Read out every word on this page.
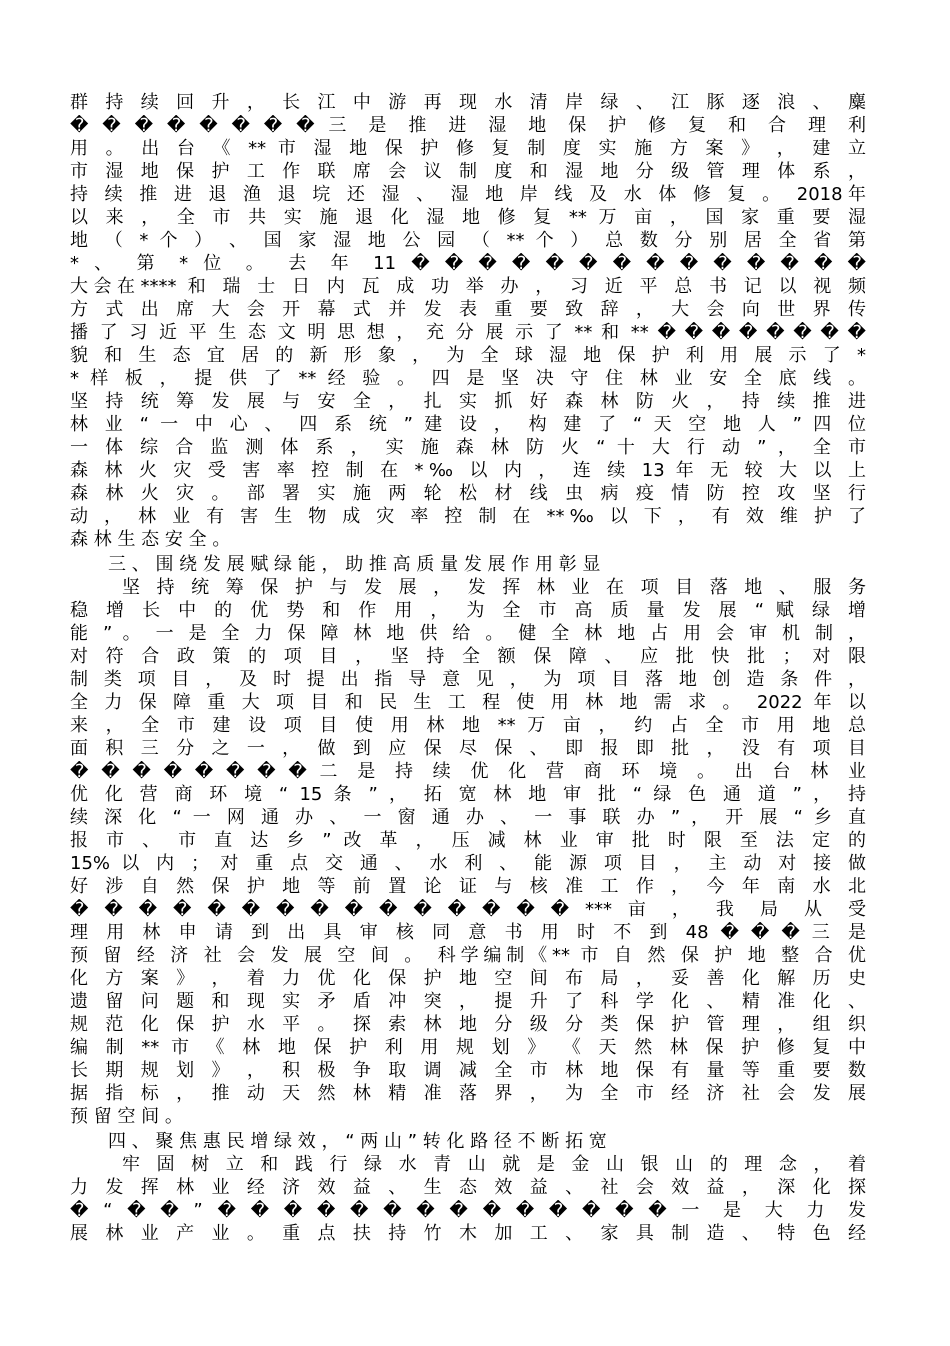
群 持 续 回 升 ， 长 江 中 游 再 现 水 清 岸 绿 、 江 豚 逐 浪 、 麋
� � � � � � � � 三 是 推 进 湿 地 保 护 修 复 和 合 理 利
用 。 出 台 《 ** 市 湿 地 保 护 修 复 制 度 实 施 方 案 》 ， 建 立
市 湿 地 保 护 工 作 联 席 会 议 制 度 和 湿 地 分 级 管 理 体 系 ，
持 续 推 进 退 渔 退 垸 还 湿 、 湿 地 岸 线 及 水 体 修 复 。 2018年
以 来 ， 全 市 共 实 施 退 化 湿 地 修 复 ** 万 亩 ， 国 家 重 要 湿
地 （ * 个 ） 、 国 家 湿 地 公 园 （ ** 个 ） 总 数 分 别 居 全 省 第
* 、 第 * 位 。 去 年 11 � � � � � � � � � � � � � �
大会在**** 和 瑞 士 日 内 瓦 成 功 举 办 ， 习 近 平 总 书 记 以 视 频
方 式 出 席 大 会 开 幕 式 并 发 表 重 要 致 辞 ， 大 会 向 世 界 传
播 了 习 近 平 生 态 文 明 思 想 ， 充 分 展 示 了 ** 和 ** � � � � � � � �
貌 和 生 态 宜 居 的 新 形 象 ， 为 全 球 湿 地 保 护 利 用 展 示 了 *
* 样 板 ， 提 供 了 ** 经 验 。 四 是 坚 决 守 住 林 业 安 全 底 线 。
坚 持 统 筹 发 展 与 安 全 ， 扎 实 抓 好 森 林 防 火 ， 持 续 推 进
林 业 “ 一 中 心 、 四 系 统 ” 建 设 ， 构 建 了 “ 天 空 地 人 ” 四 位
一 体 综 合 监 测 体 系 ， 实 施 森 林 防 火 “ 十 大 行 动 ” ， 全 市
森 林 火 灾 受 害 率 控 制 在 *‰ 以 内 ， 连 续 13 年 无 较 大 以 上
森 林 火 灾 。 部 署 实 施 两 轮 松 材 线 虫 病 疫 情 防 控 攻 坚 行
动 ， 林 业 有 害 生 物 成 灾 率 控 制 在 **‰ 以 下 ， 有 效 维 护 了
森 林 生 态 安 全 。
三 、 围 绕 发 展 赋 绿 能 ， 助 推 高 质 量 发 展 作 用 彰 显
坚 持 统 筹 保 护 与 发 展 ， 发 挥 林 业 在 项 目 落 地 、 服 务
稳 增 长 中 的 优 势 和 作 用 ， 为 全 市 高 质 量 发 展 “ 赋 绿 增
能 ” 。 一 是 全 力 保 障 林 地 供 给 。 健 全 林 地 占 用 会 审 机 制 ，
对 符 合 政 策 的 项 目 ， 坚 持 全 额 保 障 、 应 批 快 批 ； 对 限
制 类 项 目 ， 及 时 提 出 指 导 意 见 ， 为 项 目 落 地 创 造 条 件 ，
全 力 保 障 重 大 项 目 和 民 生 工 程 使 用 林 地 需 求 。 2022 年 以
来 ， 全 市 建 设 项 目 使 用 林 地 ** 万 亩 ， 约 占 全 市 用 地 总
面 积 三 分 之 一 ， 做 到 应 保 尽 保 、 即 报 即 批 ， 没 有 项 目
� � � � � � � � 二 是 持 续 优 化 营 商 环 境 。 出 台 林 业
优 化 营 商 环 境 “ 15 条 ” ， 拓 宽 林 地 审 批 “ 绿 色 通 道 ” ， 持
续 深 化 “ 一 网 通 办 、 一 窗 通 办 、 一 事 联 办 ” ， 开 展 “ 乡 直
报 市 、 市 直 达 乡 ” 改 革 ， 压 减 林 业 审 批 时 限 至 法 定 的
15% 以 内 ； 对 重 点 交 通 、 水 利 、 能 源 项 目 ， 主 动 对 接 做
好 涉 自 然 保 护 地 等 前 置 论 证 与 核 准 工 作 ， 今 年 南 水 北
� � � � � � � � � � � � � � � *** 亩 ， 我 局 从 受
理 用 林 申 请 到 出 具 审 核 同 意 书 用 时 不 到 48 � � � 三 是
预 留 经 济 社 会 发 展 空 间 。 科学编制《** 市 自 然 保 护 地 整 合 优
化 方 案 》 ， 着 力 优 化 保 护 地 空 间 布 局 ， 妥 善 化 解 历 史
遗 留 问 题 和 现 实 矛 盾 冲 突 ， 提 升 了 科 学 化 、 精 准 化 、
规 范 化 保 护 水 平 。 探 索 林 地 分 级 分 类 保 护 管 理 ， 组 织
编 制 ** 市 《 林 地 保 护 利 用 规 划 》 《 天 然 林 保 护 修 复 中
长 期 规 划 》 ， 积 极 争 取 调 减 全 市 林 地 保 有 量 等 重 要 数
据 指 标 ， 推 动 天 然 林 精 准 落 界 ， 为 全 市 经 济 社 会 发 展
预 留 空 间 。
四 、 聚 焦 惠 民 增 绿 效 ， “ 两 山 ” 转 化 路 径 不 断 拓 宽
牢 固 树 立 和 践 行 绿 水 青 山 就 是 金 山 银 山 的 理 念 ， 着
力 发 挥 林 业 经 济 效 益 、 生 态 效 益 、 社 会 效 益 ， 深 化 探
� “ � � ” � � � � � � � � � � � � � � 一 是 大 力 发
展 林 业 产 业 。 重 点 扶 持 竹 木 加 工 、 家 具 制 造 、 特 色 经
